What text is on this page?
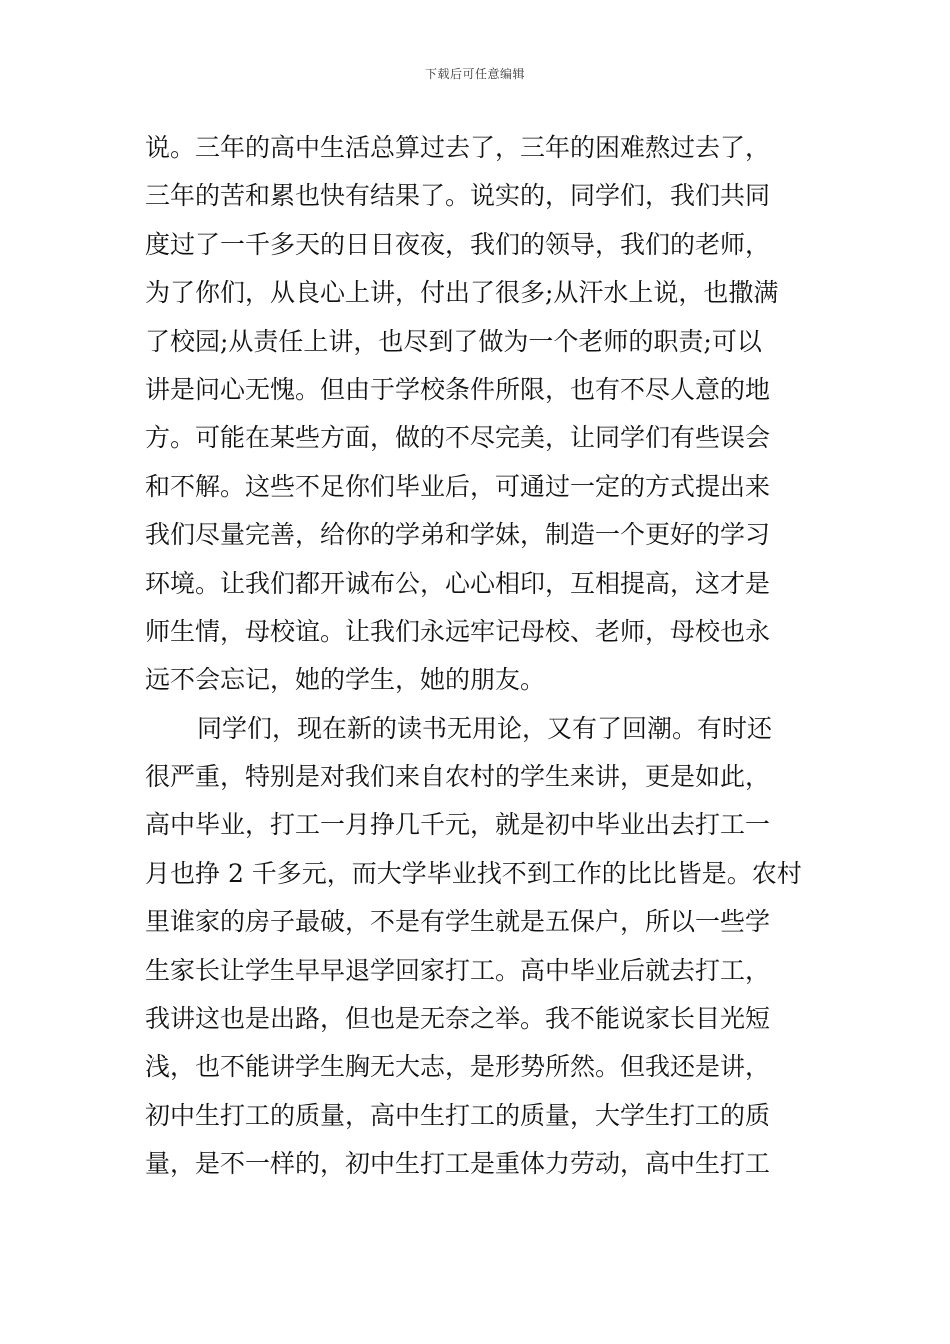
下载后可任意编辑
说。三年的高中生活总算过去了，三年的困难熬过去了，
三年的苦和累也快有结果了。说实的，同学们，我们共同
度过了一千多天的日日夜夜，我们的领导，我们的老师，
为了你们，从良心上讲，付出了很多;从汗水上说，也撒满
了校园;从责任上讲，也尽到了做为一个老师的职责;可以
讲是问心无愧。但由于学校条件所限，也有不尽人意的地
方。可能在某些方面，做的不尽完美，让同学们有些误会
和不解。这些不足你们毕业后，可通过一定的方式提出来
我们尽量完善，给你的学弟和学妹，制造一个更好的学习
环境。让我们都开诚布公，心心相印，互相提高，这才是
师生情，母校谊。让我们永远牢记母校、老师，母校也永
远不会忘记，她的学生，她的朋友。
同学们，现在新的读书无用论，又有了回潮。有时还
很严重，特别是对我们来自农村的学生来讲，更是如此，
高中毕业，打工一月挣几千元，就是初中毕业出去打工一
月也挣 2 千多元，而大学毕业找不到工作的比比皆是。农村
里谁家的房子最破，不是有学生就是五保户，所以一些学
生家长让学生早早退学回家打工。高中毕业后就去打工，
我讲这也是出路，但也是无奈之举。我不能说家长目光短
浅，也不能讲学生胸无大志，是形势所然。但我还是讲，
初中生打工的质量，高中生打工的质量，大学生打工的质
量，是不一样的，初中生打工是重体力劳动，高中生打工
